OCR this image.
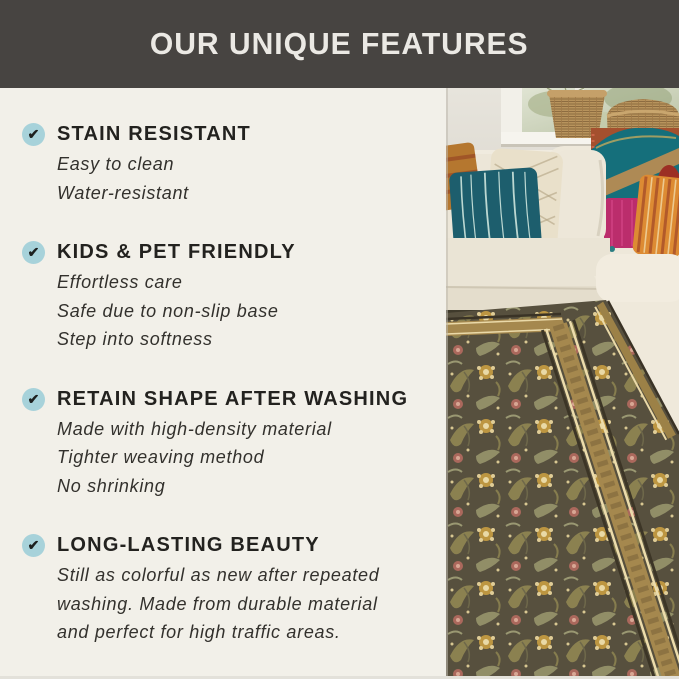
OUR UNIQUE FEATURES
✔ STAIN RESISTANT

Easy to clean

Water-resistant

✔ KIDS & PET FRIENDLY

Effortless care

Safe due to non-slip base

Step into softness

✔ RETAIN SHAPE AFTER WASHING

Made with high-density material

Tighter weaving method

No shrinking

✔ LONG-LASTING BEAUTY

Still as colorful as new after repeated

washing. Made from durable material

and perfect for high traffic areas.
